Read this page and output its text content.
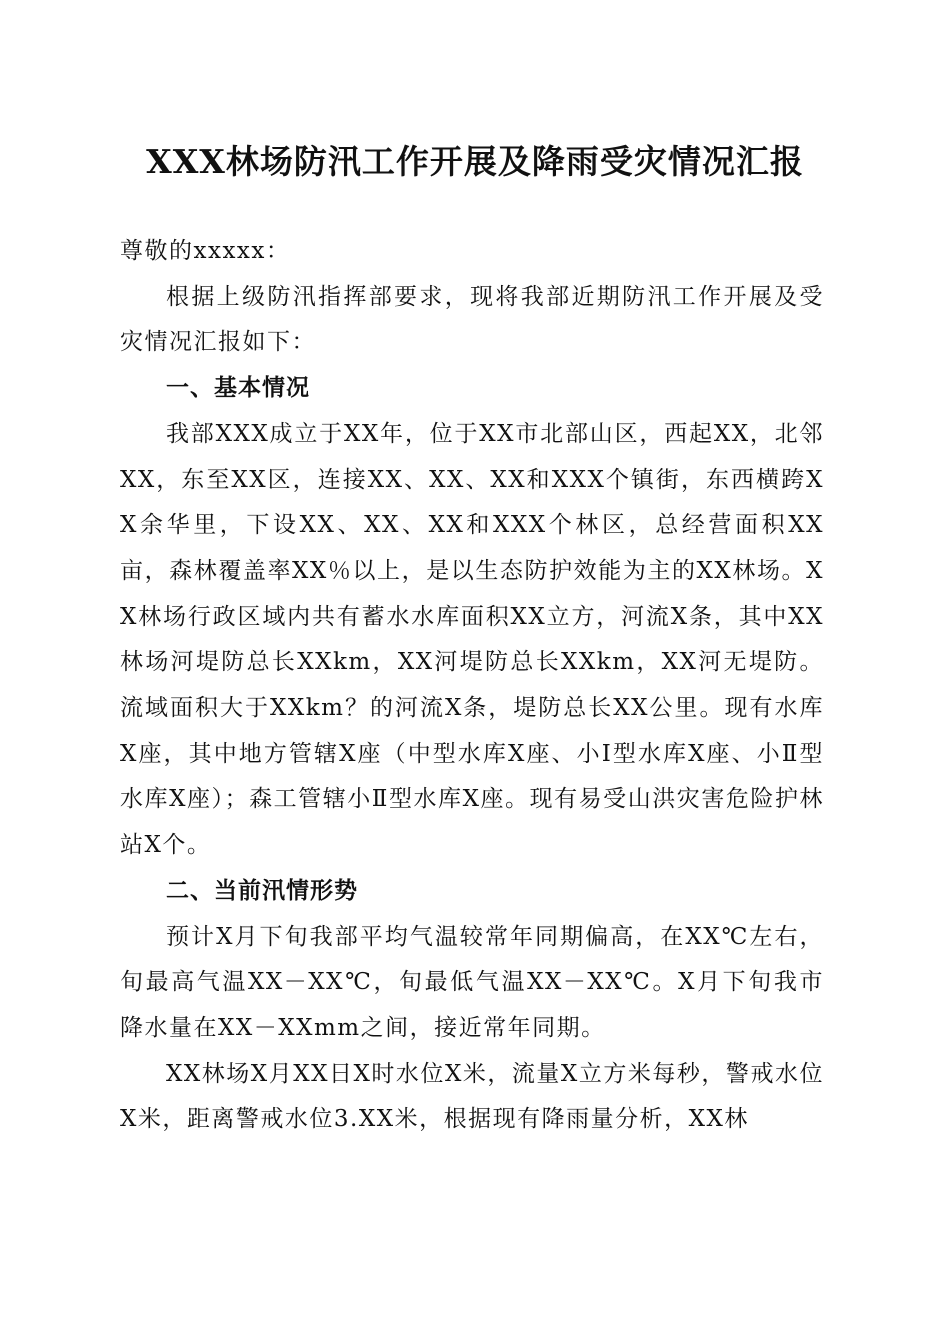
XXX林场防汛工作开展及降雨受灾情况汇报

尊敬的xxxxx：

根据上级防汛指挥部要求，现将我部近期防汛工作开展及受灾情况汇报如下：

一、基本情况

我部XXX成立于XX年，位于XX市北部山区，西起XX，北邻XX，东至XX区，连接XX、XX、XX和XXX个镇街，东西横跨XX余华里，下设XX、XX、XX和XXX个林区，总经营面积XX亩，森林覆盖率XX％以上，是以生态防护效能为主的XX林场。XX林场行政区域内共有蓄水水库面积XX立方，河流X条，其中XX林场河堤防总长XXkm，XX河堤防总长XXkm，XX河无堤防。流域面积大于XXkm？的河流X条，堤防总长XX公里。现有水库X座，其中地方管辖X座（中型水库X座、小Ⅰ型水库X座、小Ⅱ型水库X座）；森工管辖小Ⅱ型水库X座。现有易受山洪灾害危险护林站X个。

二、当前汛情形势

预计X月下旬我部平均气温较常年同期偏高，在XX℃左右，旬最高气温XX－XX℃，旬最低气温XX－XX℃。X月下旬我市降水量在XX－XXmm之间，接近常年同期。

XX林场X月XX日X时水位X米，流量X立方米每秒，警戒水位X米，距离警戒水位3.XX米，根据现有降雨量分析，XX林
